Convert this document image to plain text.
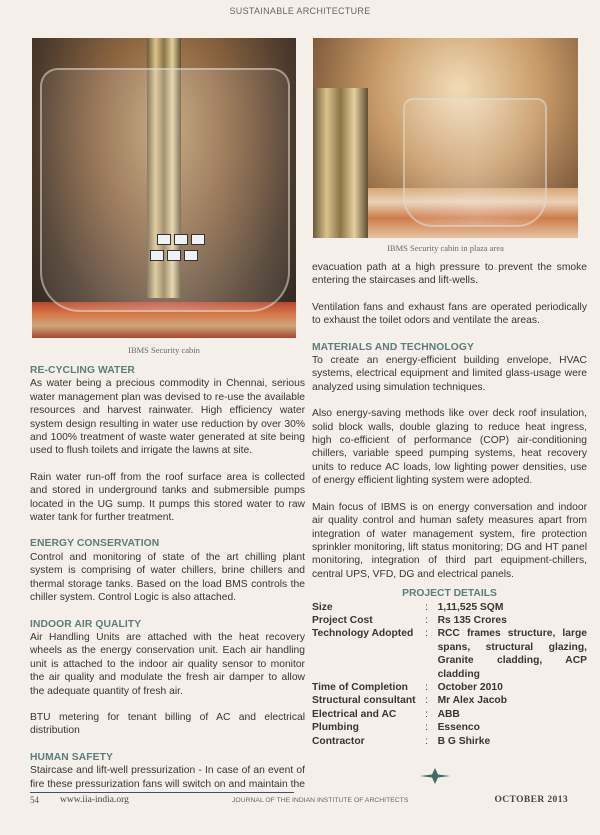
SUSTAINABLE ARCHITECTURE
IBMS Security cabin
IBMS Security cabin in plaza area
RE-CYCLING WATER

As water being a precious commodity in Chennai, serious water management plan was devised to re-use the available resources and harvest rainwater. High efficiency water system design resulting in water use reduction by over 30% and 100% treatment of waste water generated at site being used to flush toilets and irrigate the lawns at site.

Rain water run-off from the roof surface area is collected and stored in underground tanks and submersible pumps located in the UG sump. It pumps this stored water to raw water tank for further treatment.

ENERGY CONSERVATION

Control and monitoring of state of the art chilling plant system is comprising of water chillers, brine chillers and thermal storage tanks. Based on the load BMS controls the chiller system. Control Logic is also attached.

INDOOR AIR QUALITY

Air Handling Units are attached with the heat recovery wheels as the energy conservation unit. Each air handling unit is attached to the indoor air quality sensor to monitor the air quality and modulate the fresh air damper to allow the adequate quantity of fresh air.

BTU metering for tenant billing of AC and electrical distribution

HUMAN SAFETY

Staircase and lift-well pressurization - In case of an event of fire these pressurization fans will switch on and maintain the

evacuation path at a high pressure to prevent the smoke entering the staircases and lift-wells.

Ventilation fans and exhaust fans are operated periodically to exhaust the toilet odors and ventilate the areas.

MATERIALS AND TECHNOLOGY

To create an energy-efficient building envelope, HVAC systems, electrical equipment and limited glass-usage were analyzed using simulation techniques.

Also energy-saving methods like over deck roof insulation, solid block walls, double glazing to reduce heat ingress, high co-efficient of performance (COP) air-conditioning chillers, variable speed pumping systems, heat recovery units to reduce AC loads, low lighting power densities, use of energy efficient lighting system were adopted.

Main focus of IBMS is on energy conversation and indoor air quality control and human safety measures apart from integration of water management system, fire protection sprinkler monitoring, lift status monitoring; DG and HT panel monitoring, integration of third part equipment-chillers, central UPS, VFD, DG and electrical panels.

PROJECT DETAILS
Size	:	1,11,525 SQM
Project Cost	:	Rs 135 Crores
Technology Adopted	:	RCC frames structure, large spans, structural glazing, Granite cladding, ACP cladding
Time of Completion	:	October 2010
Structural consultant	:	Mr Alex Jacob
Electrical and AC	:	ABB
Plumbing	:	Essenco
Contractor	:	B G Shirke
54 www.iia-india.org	JOURNAL OF THE INDIAN INSTITUTE OF ARCHITECTS	OCTOBER 2013
